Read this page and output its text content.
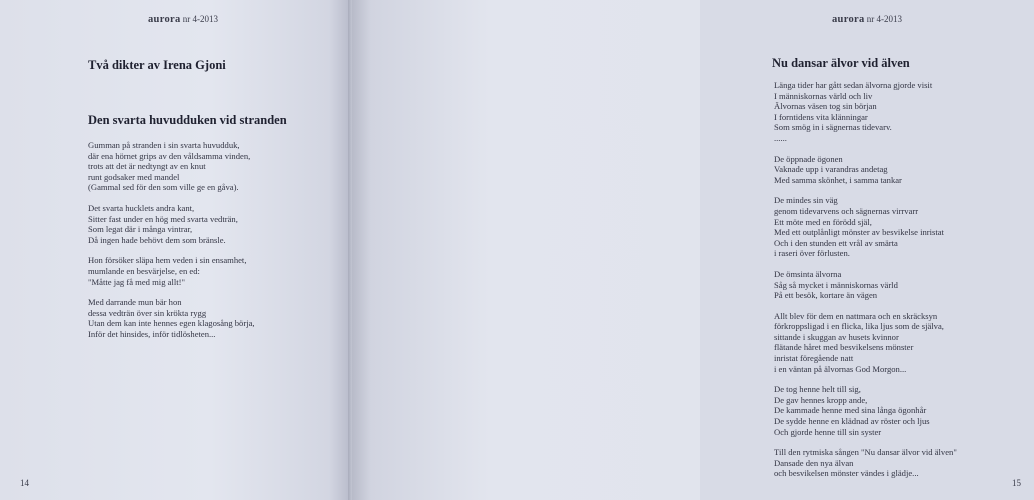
aurora nr 4-2013
Två dikter av Irena Gjoni
Den svarta huvudduken vid stranden
Gumman på stranden i sin svarta huvudduk,
där ena hörnet grips av den våldsamma vinden,
trots att det är nedtyngt av en knut
runt godsaker med mandel
(Gammal sed för den som ville ge en gåva).
Det svarta hucklets andra kant,
Sitter fast under en hög med svarta vedträn,
Som legat där i många vintrar,
Då ingen hade behövt dem som bränsle.
Hon försöker släpa hem veden i sin ensamhet,
mumlande en besvärjelse, en ed:
"Måtte jag få med mig allt!"
Med darrande mun bär hon
dessa vedträn över sin krökta rygg
Utan dem kan inte hennes egen klagosång börja,
Inför det hinsides, inför tidlösheten...
14
aurora nr 4-2013
Nu dansar älvor vid älven
Länga tider har gått sedan älvorna gjorde visit
I människornas värld och liv
Älvornas väsen tog sin början
I forntidens vita klänningar
Som smög in i sägnernas tidevarv.
......
De öppnade ögonen
Vaknade upp i varandras andetag
Med samma skönhet, i samma tankar
De mindes sin väg
genom tidevarvens och sägnernas virrvarr
Ett möte med en förödd själ,
Med ett outplånligt mönster av besvikelse inristat
Och i den stunden ett vrål av smärta
i raseri över förlusten.
De ömsinta älvorna
Såg så mycket i människornas värld
På ett besök, kortare än vägen
Allt blev för dem en nattmara och en skräcksyn
förkroppsligad i en flicka, lika ljus som de själva,
sittande i skuggan av husets kvinnor
flätande håret med besvikelsens mönster
inristat föregående natt
i en väntan på älvornas God Morgon...
De tog henne helt till sig,
De gav hennes kropp ande,
De kammade henne med sina långa ögonhår
De sydde henne en klädnad av röster och ljus
Och gjorde henne till sin syster
Till den rytmiska sången "Nu dansar älvor vid älven"
Dansade den nya älvan
och besvikelsen mönster vändes i glädje...
15
